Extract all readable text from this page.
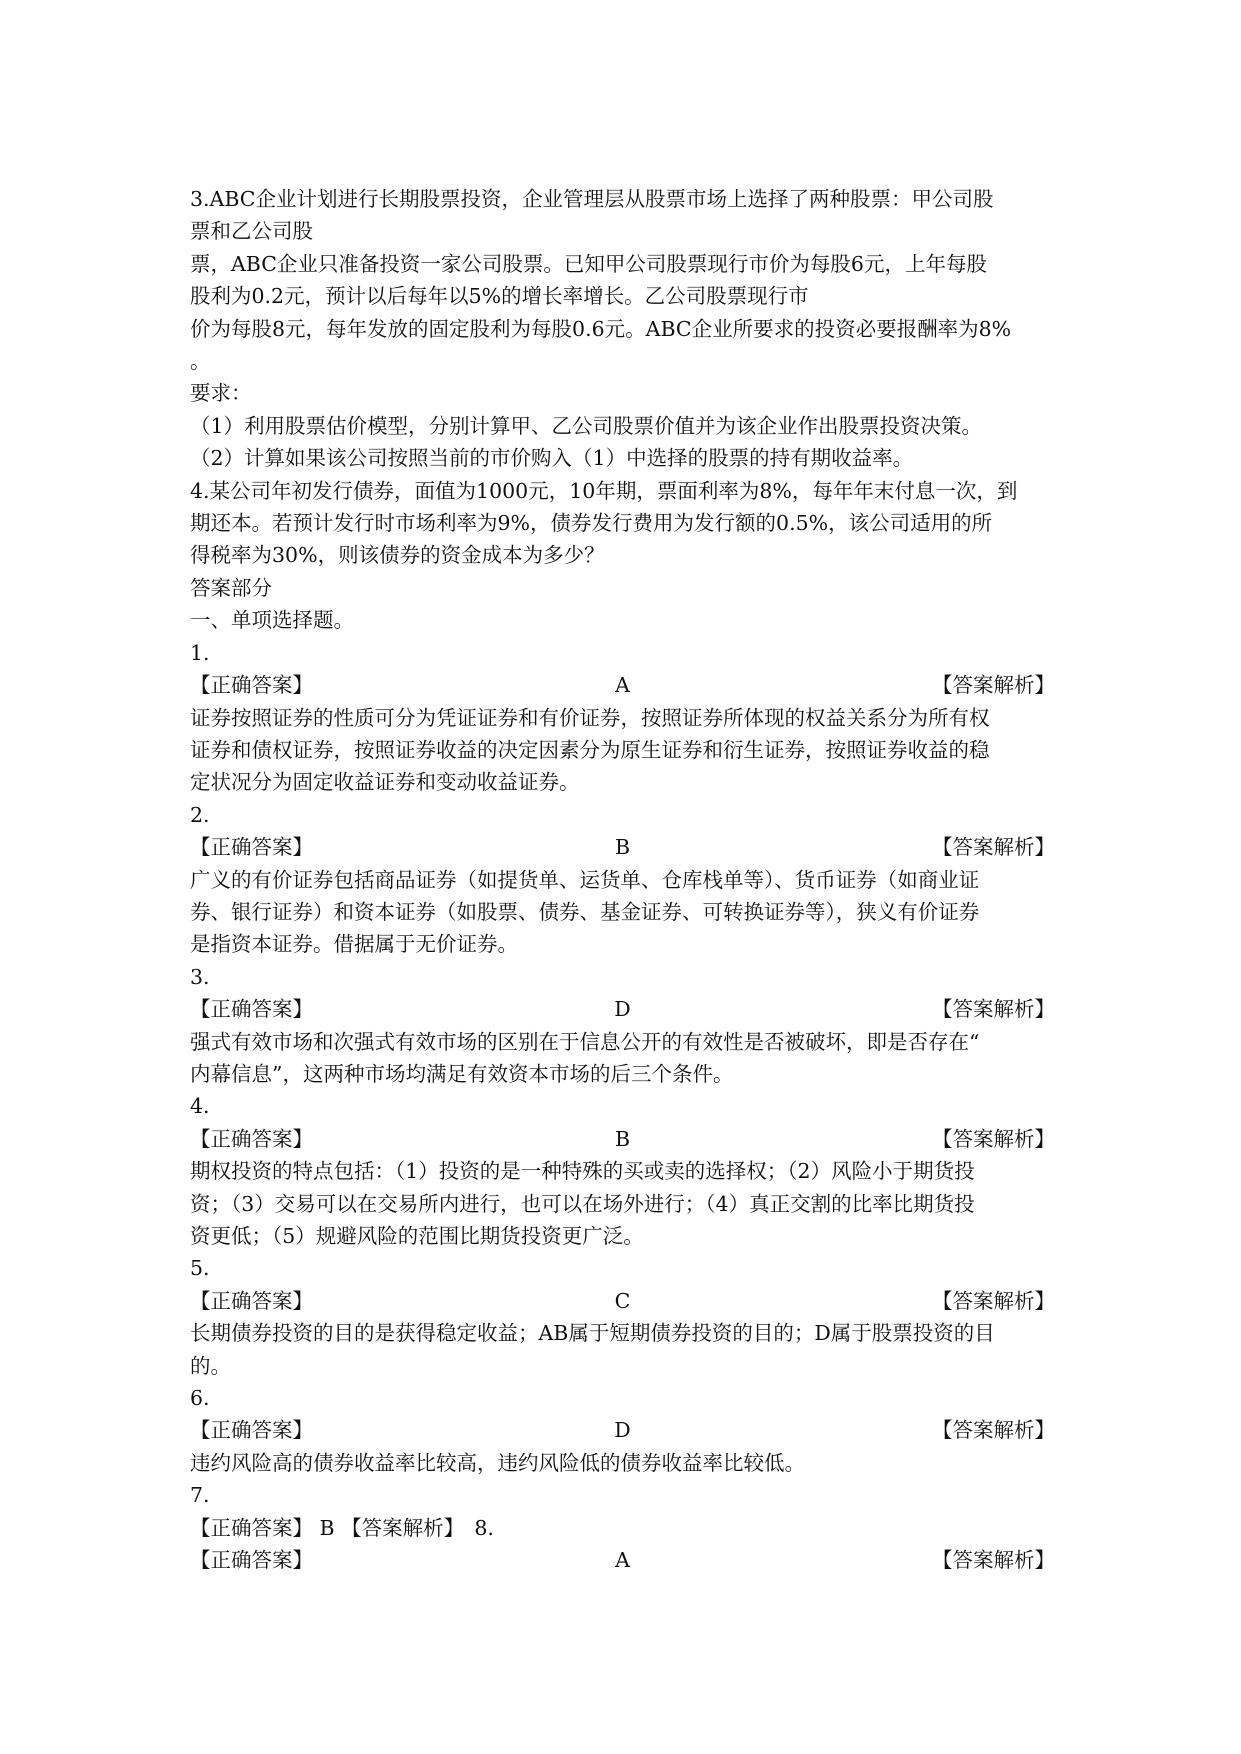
3.ABC企业计划进行长期股票投资，企业管理层从股票市场上选择了两种股票：甲公司股
票和乙公司股
票，ABC企业只准备投资一家公司股票。已知甲公司股票现行市价为每股6元，上年每股
股利为0.2元，预计以后每年以5%的增长率增长。乙公司股票现行市
价为每股8元，每年发放的固定股利为每股0.6元。ABC企业所要求的投资必要报酬率为8%
。
要求：
（1）利用股票估价模型，分别计算甲、乙公司股票价值并为该企业作出股票投资决策。
（2）计算如果该公司按照当前的市价购入（1）中选择的股票的持有期收益率。
4.某公司年初发行债券，面值为1000元，10年期，票面利率为8%，每年年末付息一次，到
期还本。若预计发行时市场利率为9%，债券发行费用为发行额的0.5%，该公司适用的所
得税率为30%，则该债券的资金成本为多少？
答案部分
一、单项选择题。
1.
【正确答案】	A	【答案解析】
证券按照证券的性质可分为凭证证券和有价证券，按照证券所体现的权益关系分为所有权
证券和债权证券，按照证券收益的决定因素分为原生证券和衍生证券，按照证券收益的稳
定状况分为固定收益证券和变动收益证券。
2.
【正确答案】	B	【答案解析】
广义的有价证券包括商品证券（如提货单、运货单、仓库栈单等）、货币证券（如商业证
券、银行证券）和资本证券（如股票、债券、基金证券、可转换证券等），狭义有价证券
是指资本证券。借据属于无价证券。
3.
【正确答案】	D	【答案解析】
强式有效市场和次强式有效市场的区别在于信息公开的有效性是否被破坏，即是否存在“
内幕信息”，这两种市场均满足有效资本市场的后三个条件。
4.
【正确答案】	B	【答案解析】
期权投资的特点包括：（1）投资的是一种特殊的买或卖的选择权；（2）风险小于期货投
资；（3）交易可以在交易所内进行，也可以在场外进行；（4）真正交割的比率比期货投
资更低；（5）规避风险的范围比期货投资更广泛。
5.
【正确答案】	C	【答案解析】
长期债券投资的目的是获得稳定收益；AB属于短期债券投资的目的；D属于股票投资的目
的。
6.
【正确答案】	D	【答案解析】
违约风险高的债券收益率比较高，违约风险低的债券收益率比较低。
7.
【正确答案】 B 【答案解析】　8.
【正确答案】	A	【答案解析】
